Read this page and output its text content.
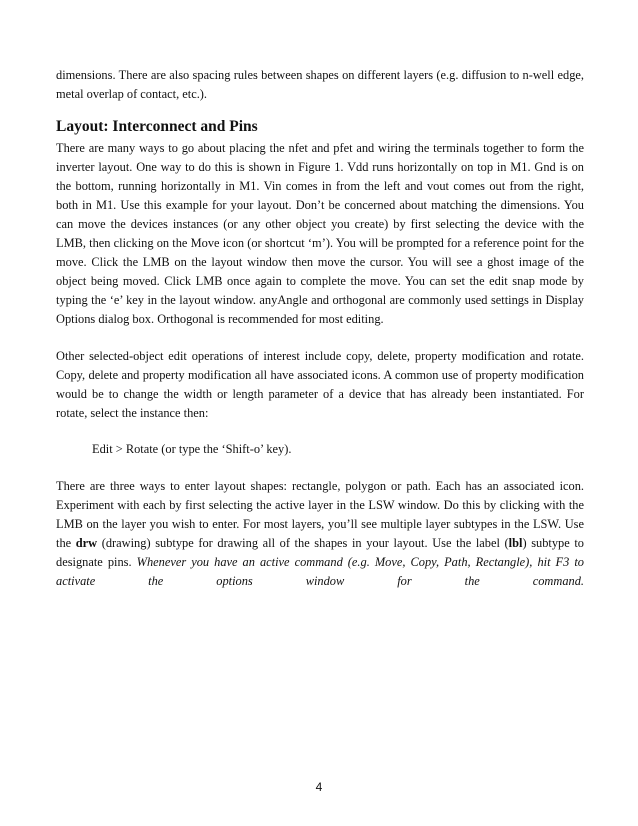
dimensions. There are also spacing rules between shapes on different layers (e.g. diffusion to n-well edge, metal overlap of contact, etc.).

Layout: Interconnect and Pins

There are many ways to go about placing the nfet and pfet and wiring the terminals together to form the inverter layout. One way to do this is shown in Figure 1. Vdd runs horizontally on top in M1. Gnd is on the bottom, running horizontally in M1. Vin comes in from the left and vout comes out from the right, both in M1. Use this example for your layout. Don’t be concerned about matching the dimensions. You can move the devices instances (or any other object you create) by first selecting the device with the LMB, then clicking on the Move icon (or shortcut ‘m’). You will be prompted for a reference point for the move. Click the LMB on the layout window then move the cursor. You will see a ghost image of the object being moved. Click LMB once again to complete the move. You can set the edit snap mode by typing the ‘e’ key in the layout window. anyAngle and orthogonal are commonly used settings in Display Options dialog box. Orthogonal is recommended for most editing.

Other selected-object edit operations of interest include copy, delete, property modification and rotate. Copy, delete and property modification all have associated icons. A common use of property modification would be to change the width or length parameter of a device that has already been instantiated. For rotate, select the instance then:

Edit > Rotate (or type the ‘Shift-o’ key).

There are three ways to enter layout shapes: rectangle, polygon or path. Each has an associated icon. Experiment with each by first selecting the active layer in the LSW window. Do this by clicking with the LMB on the layer you wish to enter. For most layers, you’ll see multiple layer subtypes in the LSW. Use the drw (drawing) subtype for drawing all of the shapes in your layout. Use the label (lbl) subtype to designate pins. Whenever you have an active command (e.g. Move, Copy, Path, Rectangle), hit F3 to activate the options window for the command.

4
